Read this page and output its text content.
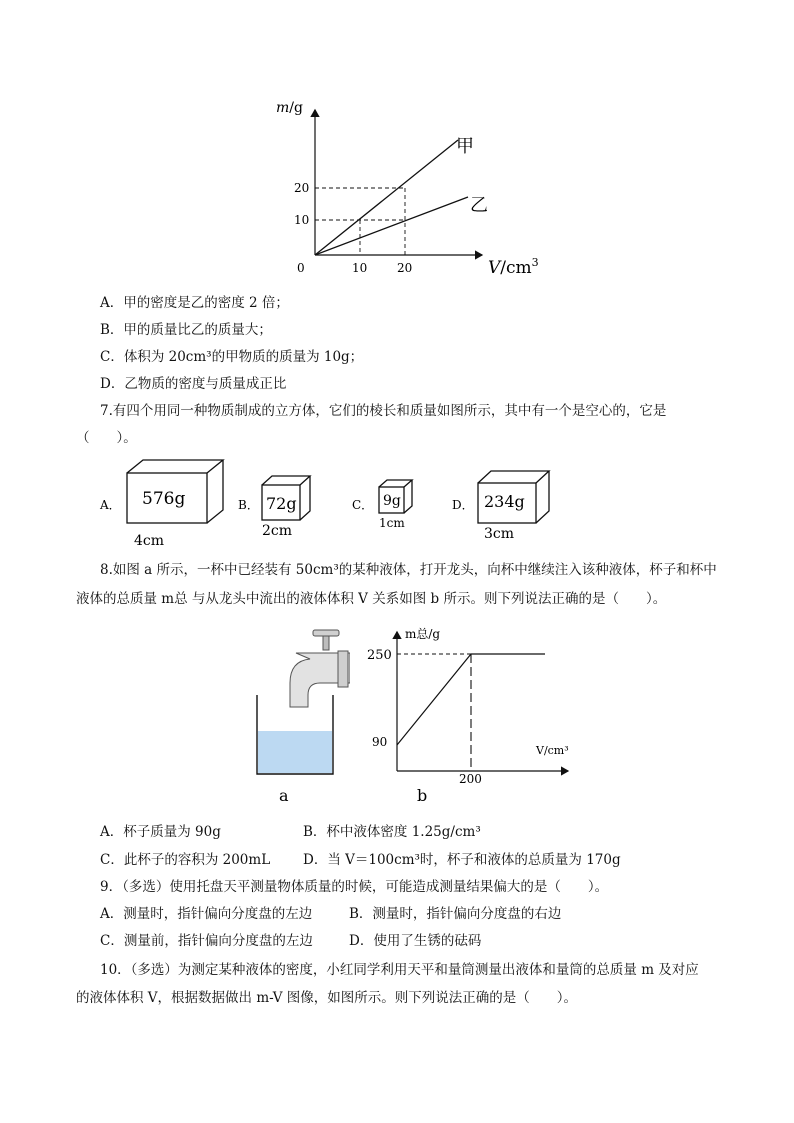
m/g
$V/cm^3$
0
20
10
10 20
甲
乙
A．甲的密度是乙的密度 2 倍；
B．甲的质量比乙的质量大；
C．体积为 20cm³的甲物质的质量为 10g；
D．乙物质的密度与质量成正比
7.有四个用同一种物质制成的立方体，它们的棱长和质量如图所示，其中有一个是空心的，它是
（　　）。
A． 576g
4cm
B． 72g
2cm
C． 9g
1cm
D． 234g
3cm
8.如图 a 所示，一杯中已经装有 50cm³的某种液体，打开龙头，向杯中继续注入该种液体，杯子和杯中
液体的总质量 m总 与从龙头中流出的液体体积 V 关系如图 b 所示。则下列说法正确的是（　　）。
a
m总/g
V/cm³
250
90
200
b
A．杯子质量为 90g	B．杯中液体密度 1.25g/cm³
C．此杯子的容积为 200mL D．当 V＝100cm³时，杯子和液体的总质量为 170g
9．（多选）使用托盘天平测量物体质量的时候，可能造成测量结果偏大的是（　　）。
A．测量时，指针偏向分度盘的左边	B．测量时，指针偏向分度盘的右边
C．测量前，指针偏向分度盘的左边	D．使用了生锈的砝码
10．（多选）为测定某种液体的密度，小红同学利用天平和量筒测量出液体和量筒的总质量 m 及对应
的液体体积 V，根据数据做出 m-V 图像，如图所示。则下列说法正确的是（　　）。
